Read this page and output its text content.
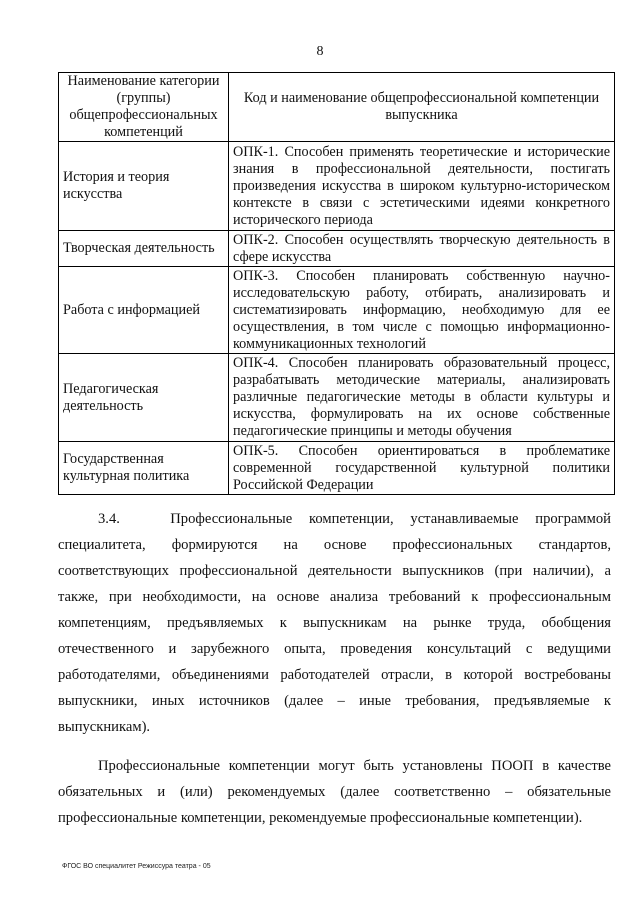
8
Наименование категории (группы) общепрофессиональных компетенций	Код и наименование общепрофессиональной компетенции выпускника
История и теория искусства	ОПК-1. Способен применять теоретические и исторические знания в профессиональной деятельности, постигать произведения искусства в широком культурно-историческом контексте в связи с эстетическими идеями конкретного исторического периода
Творческая деятельность	ОПК-2. Способен осуществлять творческую деятельность в сфере искусства
Работа с информацией	ОПК-3. Способен планировать собственную научно-исследовательскую работу, отбирать, анализировать и систематизировать информацию, необходимую для ее осуществления, в том числе с помощью информационно-коммуникационных технологий
Педагогическая деятельность	ОПК-4. Способен планировать образовательный процесс, разрабатывать методические материалы, анализировать различные педагогические методы в области культуры и искусства, формулировать на их основе собственные педагогические принципы и методы обучения
Государственная культурная политика	ОПК-5. Способен ориентироваться в проблематике современной государственной культурной политики Российской Федерации

3.4.   Профессиональные компетенции, устанавливаемые программой специалитета, формируются на основе профессиональных стандартов, соответствующих профессиональной деятельности выпускников (при наличии), а также, при необходимости, на основе анализа требований к профессиональным компетенциям, предъявляемых к выпускникам на рынке труда, обобщения отечественного и зарубежного опыта, проведения консультаций с ведущими работодателями, объединениями работодателей отрасли, в которой востребованы выпускники, иных источников (далее – иные требования, предъявляемые к выпускникам).

Профессиональные компетенции могут быть установлены ПООП в качестве обязательных и (или) рекомендуемых (далее соответственно – обязательные профессиональные компетенции, рекомендуемые профессиональные компетенции).

ФГОС ВО специалитет Режиссура театра - 05
